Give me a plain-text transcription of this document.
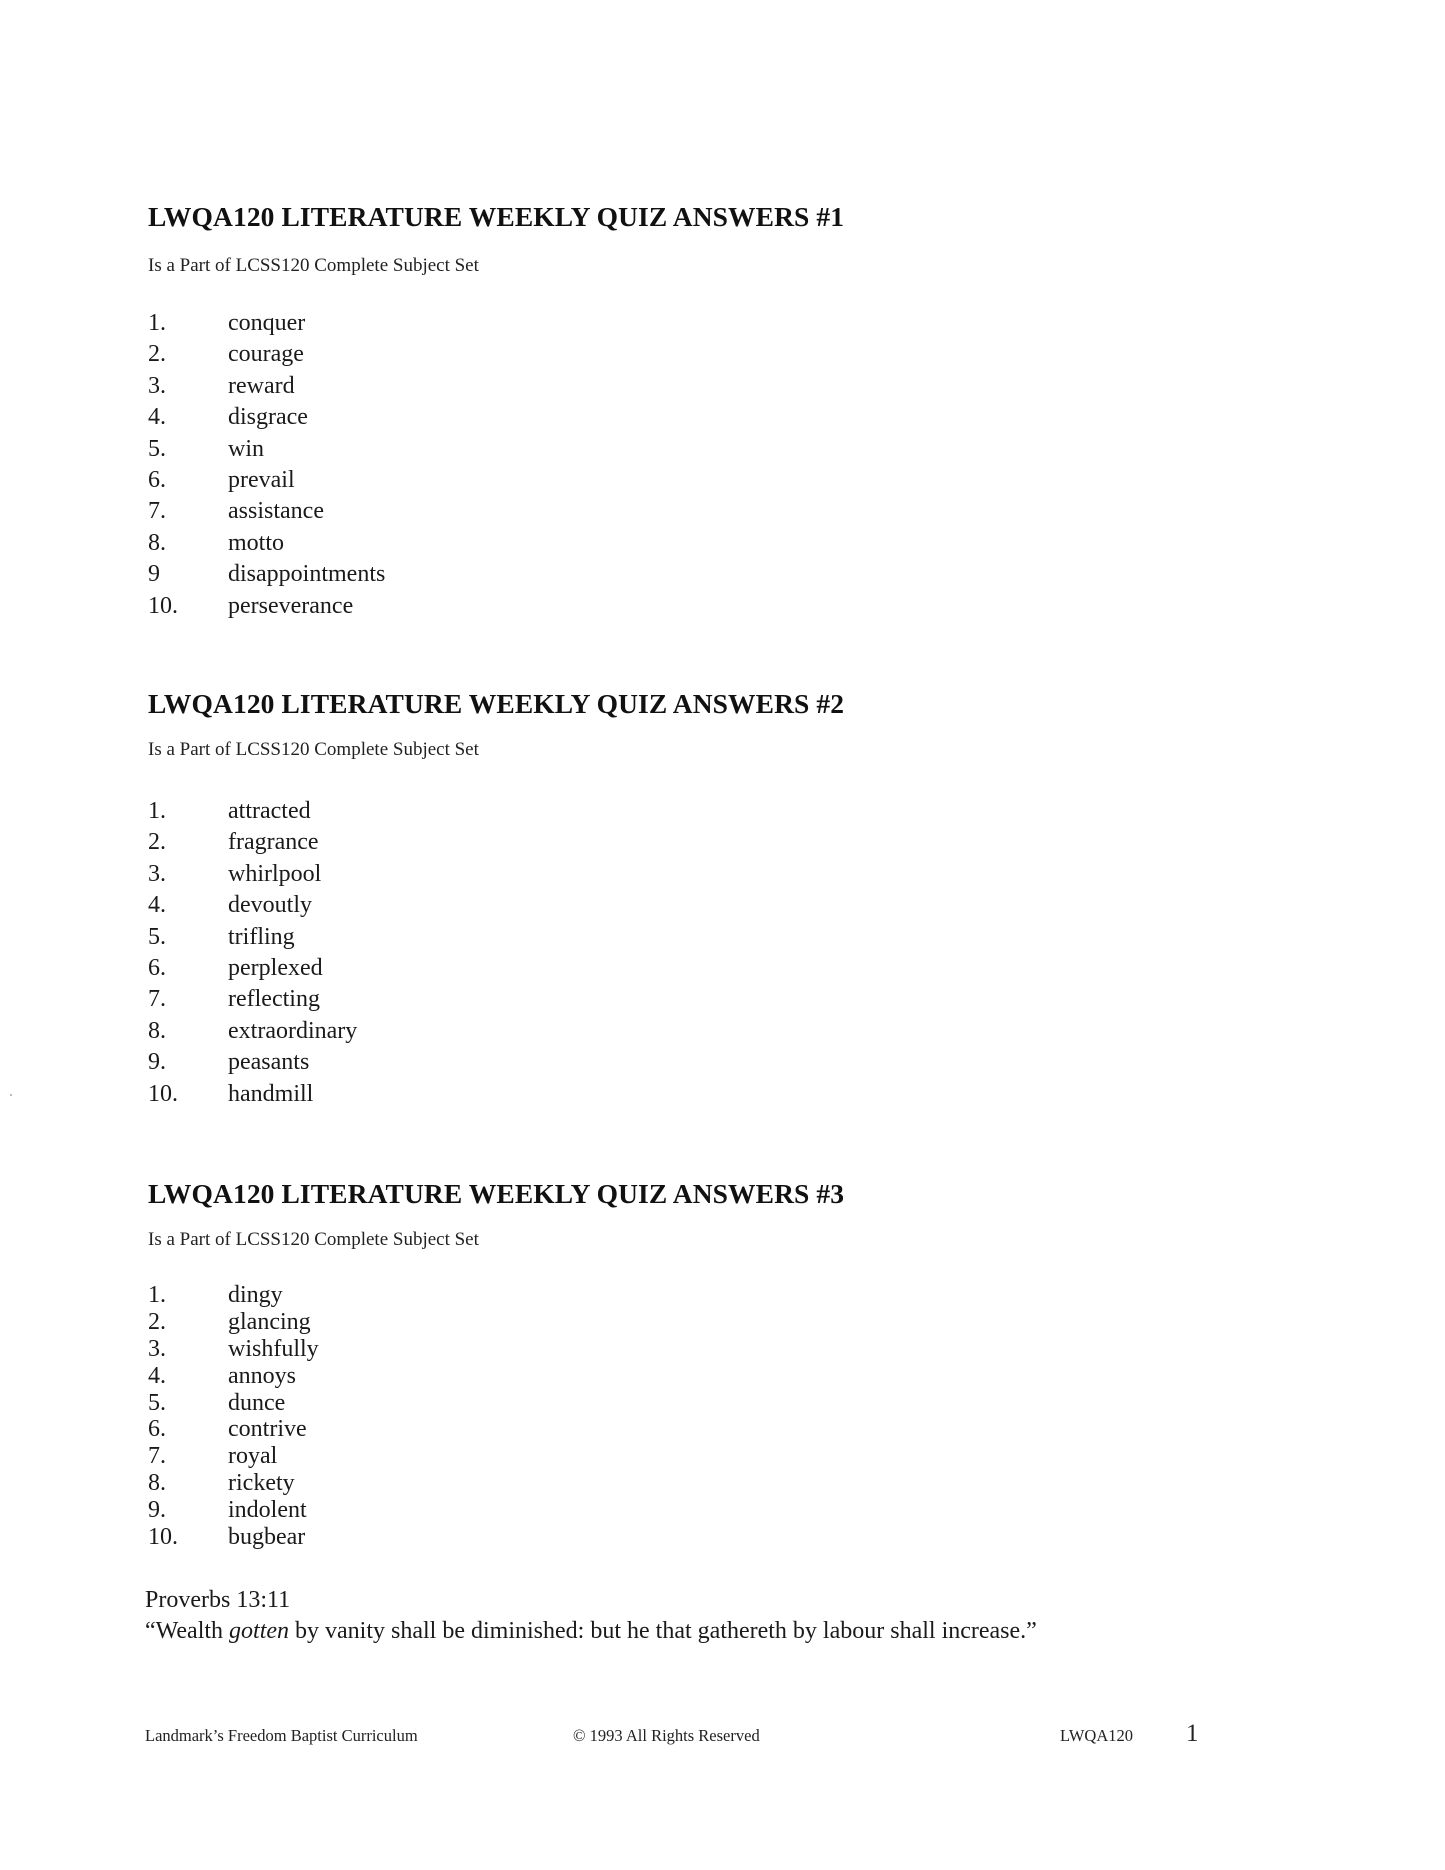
LWQA120 LITERATURE WEEKLY QUIZ ANSWERS #1
Is a Part of LCSS120 Complete Subject Set
1.	conquer
2.	courage
3.	reward
4.	disgrace
5.	win
6.	prevail
7.	assistance
8.	motto
9	disappointments
10. perseverance
LWQA120 LITERATURE WEEKLY QUIZ ANSWERS #2
Is a Part of LCSS120 Complete Subject Set
1.	attracted
2.	fragrance
3.	whirlpool
4.	devoutly
5.	trifling
6.	perplexed
7.	reflecting
8.	extraordinary
9.	peasants
10. handmill
LWQA120 LITERATURE WEEKLY QUIZ ANSWERS #3
Is a Part of LCSS120 Complete Subject Set
1.	dingy
2.	glancing
3.	wishfully
4.	annoys
5.	dunce
6.	contrive
7.	royal
8.	rickety
9.	indolent
10. bugbear
Proverbs 13:11
“Wealth gotten by vanity shall be diminished: but he that gathereth by labour shall increase.”
Landmark’s Freedom Baptist Curriculum	© 1993 All Rights Reserved	LWQA120 1
